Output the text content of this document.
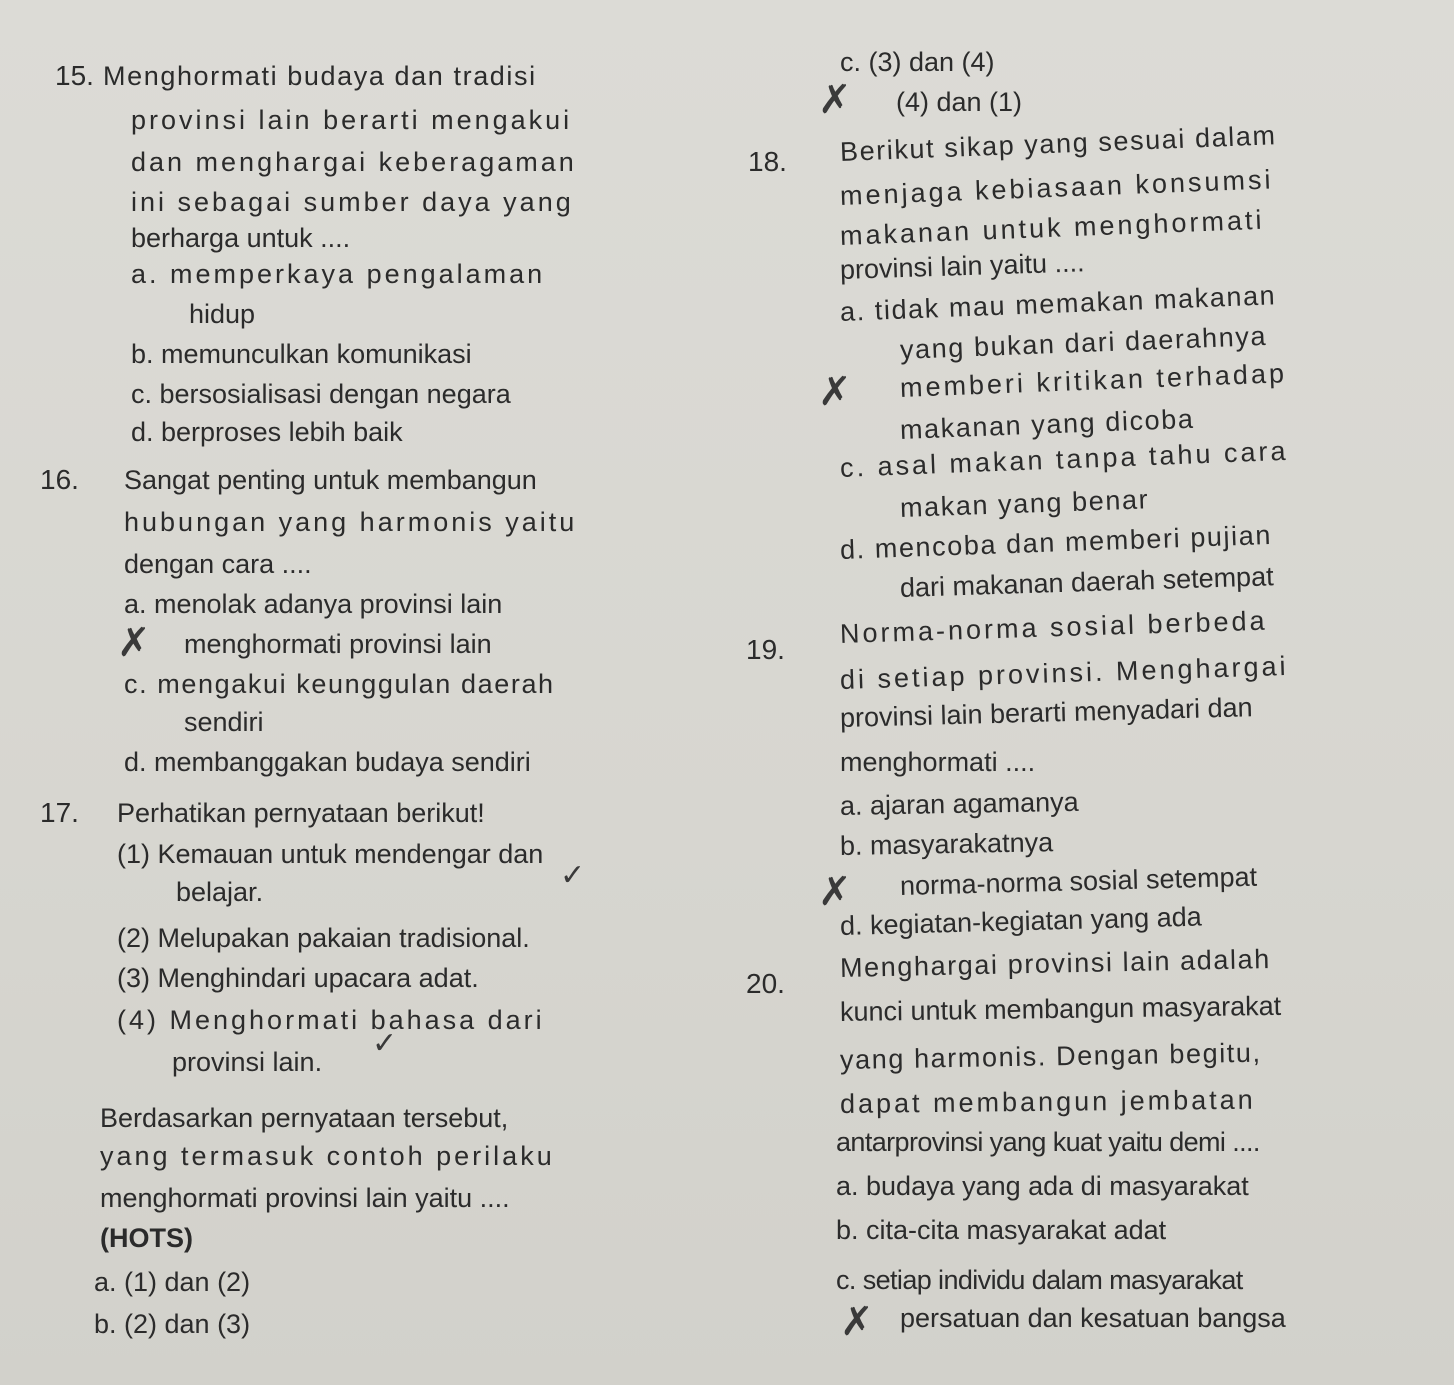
15. Menghormati budaya dan tradisi
provinsi lain berarti mengakui
dan menghargai keberagaman
ini sebagai sumber daya yang
berharga untuk ....
a. memperkaya pengalaman
hidup
b. memunculkan komunikasi
c. bersosialisasi dengan negara
d. berproses lebih baik
16. Sangat penting untuk membangun
hubungan yang harmonis yaitu
dengan cara ....
a. menolak adanya provinsi lain
✗ menghormati provinsi lain
c. mengakui keunggulan daerah
sendiri
d. membanggakan budaya sendiri
17. Perhatikan pernyataan berikut!
(1) Kemauan untuk mendengar dan
belajar.	✓
(2) Melupakan pakaian tradisional.
(3) Menghindari upacara adat.
(4) Menghormati bahasa dari
provinsi lain.
✓
Berdasarkan pernyataan tersebut,
yang termasuk contoh perilaku
menghormati provinsi lain yaitu ....
(HOTS)
a. (1) dan (2)
b. (2) dan (3)
c. (3) dan (4)
✗ (4) dan (1)
18. Berikut sikap yang sesuai dalam
menjaga kebiasaan konsumsi
makanan untuk menghormati
provinsi lain yaitu ....
a. tidak mau memakan makanan
yang bukan dari daerahnya
✗ memberi kritikan terhadap
makanan yang dicoba
c. asal makan tanpa tahu cara
makan yang benar
d. mencoba dan memberi pujian
dari makanan daerah setempat
19.
Norma-norma sosial berbeda
di setiap provinsi. Menghargai
provinsi lain berarti menyadari dan
menghormati ....
a. ajaran agamanya
b. masyarakatnya
✗ norma-norma sosial setempat
d. kegiatan-kegiatan yang ada
20.
Menghargai provinsi lain adalah
kunci untuk membangun masyarakat
yang harmonis. Dengan begitu,
dapat membangun jembatan
antarprovinsi yang kuat yaitu demi ....
a. budaya yang ada di masyarakat
b. cita-cita masyarakat adat
c. setiap individu dalam masyarakat
✗ persatuan dan kesatuan bangsa
